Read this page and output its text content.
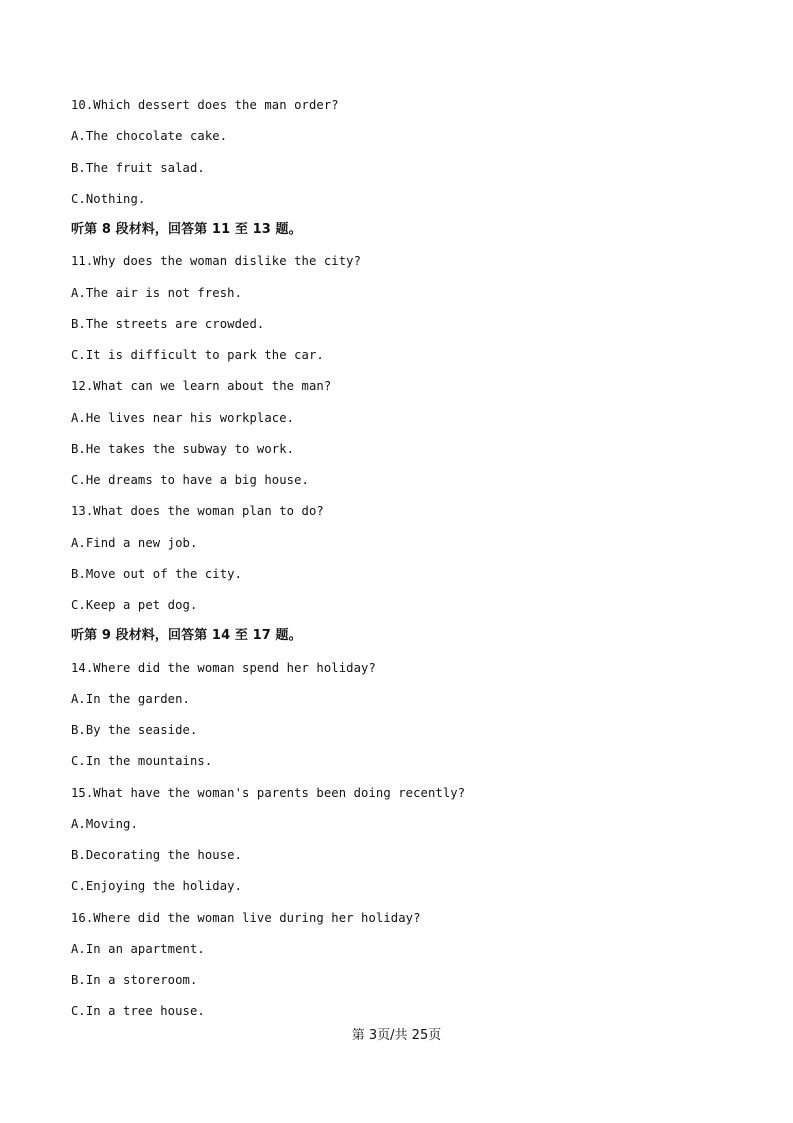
10.Which dessert does the man order?
A.The chocolate cake.
B.The fruit salad.
C.Nothing.
听第 8 段材料，回答第 11 至 13 题。
11.Why does the woman dislike the city?
A.The air is not fresh.
B.The streets are crowded.
C.It is difficult to park the car.
12.What can we learn about the man?
A.He lives near his workplace.
B.He takes the subway to work.
C.He dreams to have a big house.
13.What does the woman plan to do?
A.Find a new job.
B.Move out of the city.
C.Keep a pet dog.
听第 9 段材料，回答第 14 至 17 题。
14.Where did the woman spend her holiday?
A.In the garden.
B.By the seaside.
C.In the mountains.
15.What have the woman's parents been doing recently?
A.Moving.
B.Decorating the house.
C.Enjoying the holiday.
16.Where did the woman live during her holiday?
A.In an apartment.
B.In a storeroom.
C.In a tree house.
第 3页/共 25页
